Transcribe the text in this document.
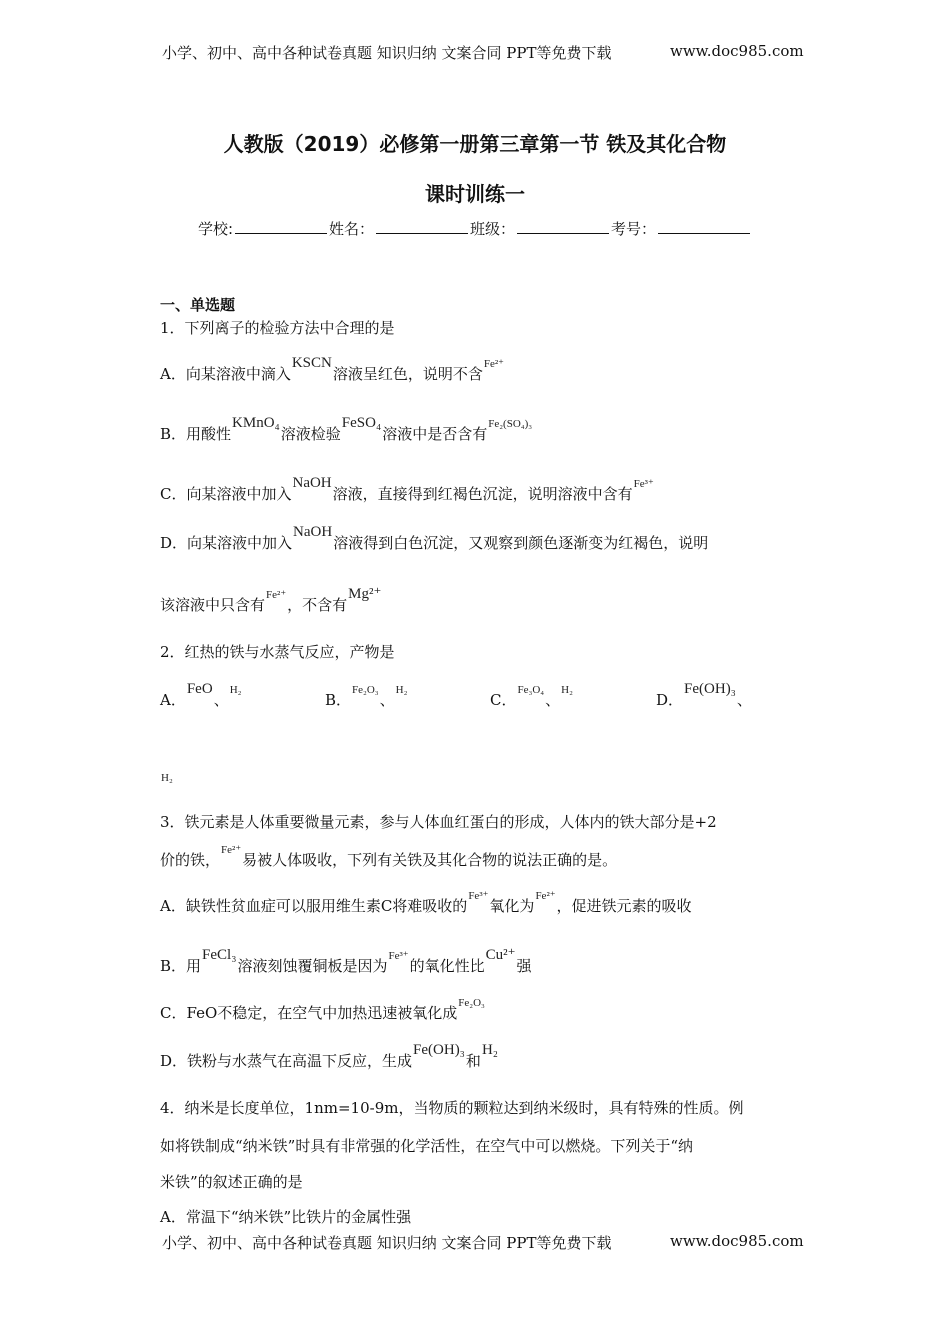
小学、初中、高中各种试卷真题 知识归纳 文案合同 PPT等免费下载	www.doc985.com
人教版（2019）必修第一册第三章第一节 铁及其化合物
课时训练一
学校:	姓名：	班级：	考号：
一、单选题
1．下列离子的检验方法中合理的是
A．向某溶液中滴入KSCN溶液呈红色，说明不含$^{Fe^{2+}}$
B．用酸性KMnO₄溶液检验FeSO₄溶液中是否含有$^{Fe_2(SO_4)_3}$
C．向某溶液中加入NaOH溶液，直接得到红褐色沉淀，说明溶液中含有$^{Fe^{3+}}$
D．向某溶液中加入NaOH溶液得到白色沉淀，又观察到颜色逐渐变为红褐色，说明
该溶液中只含有$^{Fe^{2+}}$，不含有Mg²⁺
2．红热的铁与水蒸气反应，产物是
A．FeO、$^{H_2}$
B．$^{Fe_2O_3}$、$^{H_2}$
C．$^{Fe_3O_4}$、$^{H_2}$
D．Fe(OH)₃、
$^{H_2}$
3．铁元素是人体重要微量元素，参与人体血红蛋白的形成，人体内的铁大部分是+2
价的铁，$^{Fe^{2+}}$易被人体吸收，下列有关铁及其化合物的说法正确的是。
A．缺铁性贫血症可以服用维生素C将难吸收的$^{Fe^{3+}}$氧化为$^{Fe^{2+}}$，促进铁元素的吸收
B．用FeCl₃溶液刻蚀覆铜板是因为$^{Fe^{3+}}$的氧化性比Cu²⁺强
C．FeO不稳定，在空气中加热迅速被氧化成$^{Fe_2O_3}$
D．铁粉与水蒸气在高温下反应，生成Fe(OH)₃和H₂
4．纳米是长度单位，1nm=10-9m，当物质的颗粒达到纳米级时，具有特殊的性质。例
如将铁制成“纳米铁”时具有非常强的化学活性，在空气中可以燃烧。下列关于“纳
米铁”的叙述正确的是
A．常温下“纳米铁”比铁片的金属性强
小学、初中、高中各种试卷真题 知识归纳 文案合同 PPT等免费下载	www.doc985.com
